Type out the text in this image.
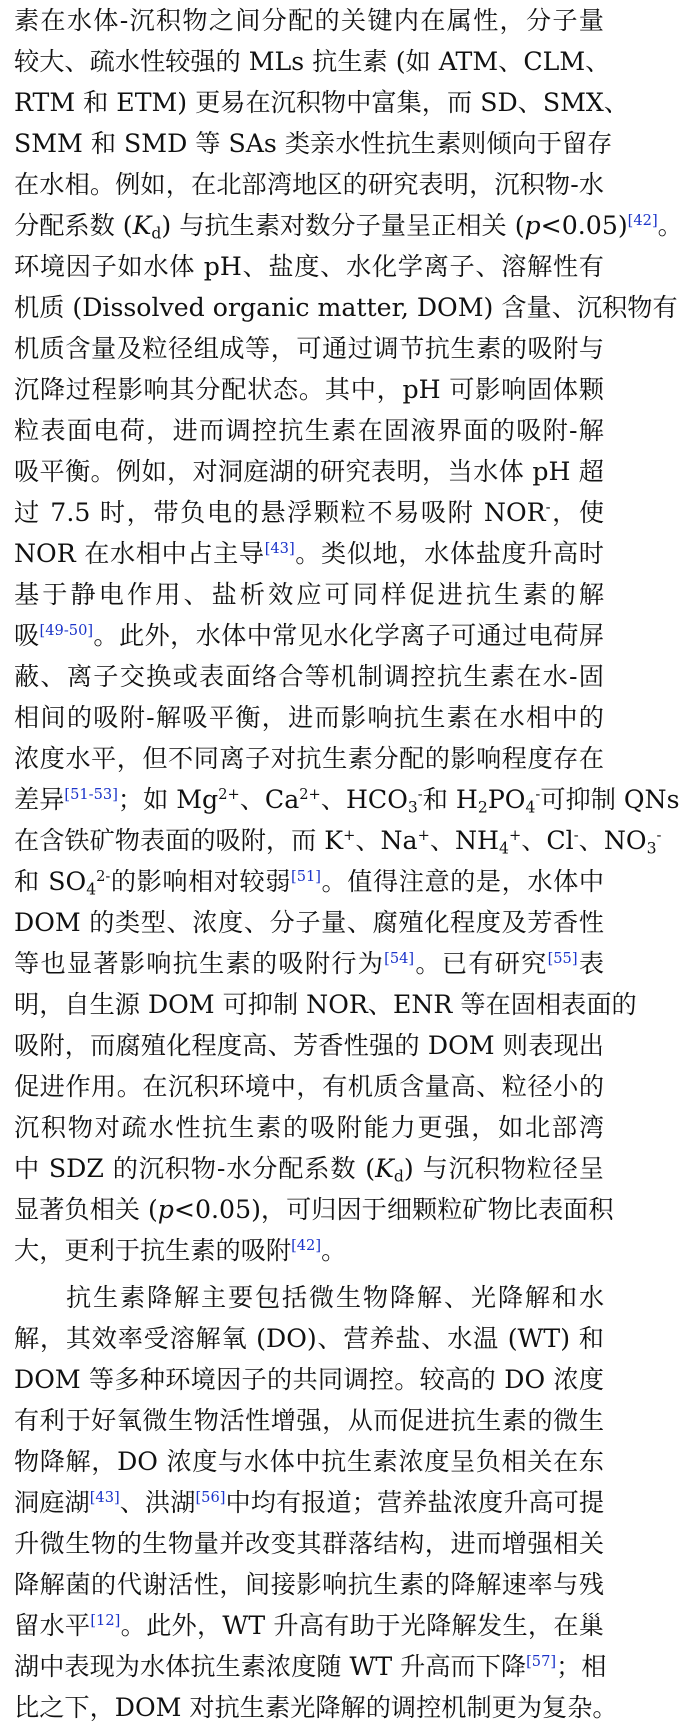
素在水体-沉积物之间分配的关键内在属性，分子量
较大、疏水性较强的 MLs 抗生素 (如 ATM、CLM、
RTM 和 ETM) 更易在沉积物中富集，而 SD、SMX、
SMM 和 SMD 等 SAs 类亲水性抗生素则倾向于留存
在水相。例如，在北部湾地区的研究表明，沉积物-水
分配系数 $(K_d)$ 与抗生素对数分子量呈正相关 (p<0.05)[42]。
环境因子如水体 pH、盐度、水化学离子、溶解性有
机质 (Dissolved organic matter, DOM) 含量、沉积物有
机质含量及粒径组成等，可通过调节抗生素的吸附与
沉降过程影响其分配状态。其中，pH 可影响固体颗
粒表面电荷，进而调控抗生素在固液界面的吸附-解
吸平衡。例如，对洞庭湖的研究表明，当水体 pH 超
过 7.5 时，带负电的悬浮颗粒不易吸附 NOR-，使
NOR 在水相中占主导[43]。类似地，水体盐度升高时
基于静电作用、盐析效应可同样促进抗生素的解
吸[49-50]。此外，水体中常见水化学离子可通过电荷屏
蔽、离子交换或表面络合等机制调控抗生素在水-固
相间的吸附-解吸平衡，进而影响抗生素在水相中的
浓度水平，但不同离子对抗生素分配的影响程度存在
差异[51-53]；如 $Mg^{2+}$、$Ca^{2+}$、$HCO_3^-$和 $H_2PO_4^-$可抑制 QNs
在含铁矿物表面的吸附，而 K+、Na+、$NH_4^+$、Cl-、$NO_3^-$
和 $SO_4^{2-}$的影响相对较弱[51]。值得注意的是，水体中
DOM 的类型、浓度、分子量、腐殖化程度及芳香性
等也显著影响抗生素的吸附行为[54]。已有研究[55]表
明，自生源 DOM 可抑制 NOR、ENR 等在固相表面的
吸附，而腐殖化程度高、芳香性强的 DOM 则表现出
促进作用。在沉积环境中，有机质含量高、粒径小的
沉积物对疏水性抗生素的吸附能力更强，如北部湾
中 SDZ 的沉积物-水分配系数 $(K_d)$ 与沉积物粒径呈
显著负相关 (p<0.05)，可归因于细颗粒矿物比表面积
大，更利于抗生素的吸附[42]。
抗生素降解主要包括微生物降解、光降解和水
解，其效率受溶解氧 (DO)、营养盐、水温 (WT) 和
DOM 等多种环境因子的共同调控。较高的 DO 浓度
有利于好氧微生物活性增强，从而促进抗生素的微生
物降解，DO 浓度与水体中抗生素浓度呈负相关在东
洞庭湖[43]、洪湖[56]中均有报道；营养盐浓度升高可提
升微生物的生物量并改变其群落结构，进而增强相关
降解菌的代谢活性，间接影响抗生素的降解速率与残
留水平[12]。此外，WT 升高有助于光降解发生，在巢
湖中表现为水体抗生素浓度随 WT 升高而下降[57]；相
比之下，DOM 对抗生素光降解的调控机制更为复杂。
